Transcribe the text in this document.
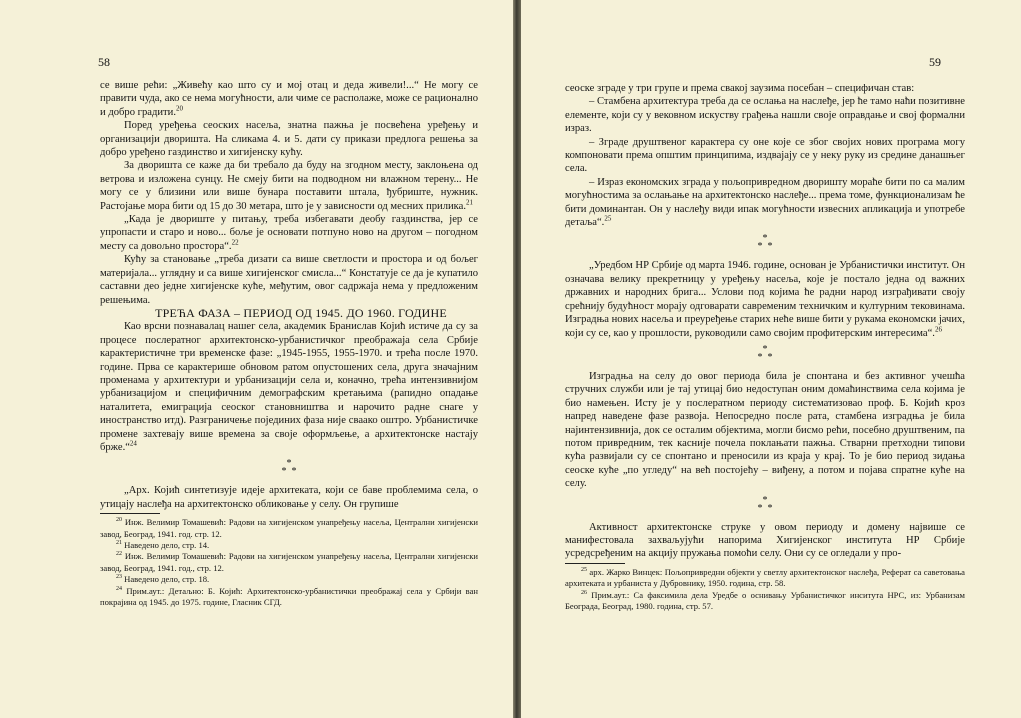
58

се више рећи: „Живећу као што су и мој отац и деда живели!...“ Не могу се правити чуда, ако се нема могућности, али чиме се располаже, може се рационално и добро градити.$^{20}$

Поред уређења сеоских насеља, знатна пажња је посвећена уређењу и организацији дворишта. На сликама 4. и 5. дати су прикази предлога решења за добро уређено газдинство и хигијенску кућу.

За дворишта се каже да би требало да буду на згодном месту, заклоњена од ветрова и изложена сунцу. Не смеју бити на подводном ни влажном терену... Не могу се у близини или више бунара поставити штала, ђубриште, нужник. Растојање мора бити од 15 до 30 метара, што је у зависности од месних прилика.$^{21}$

„Када је двориште у питању, треба избегавати деобу газдинства, јер се упропасти и старо и ново... боље је основати потпуно ново на другом – погодном месту са довољно простора“.$^{22}$

Кућу за становање „треба дизати са више светлости и простора и од бољег материјала... углядну и са више хигијенског смисла...“ Констатује се да је купатило саставни део једне хигијенске куће, међутим, овог садржаја нема у предложеним решењима.

ТРЕЋА ФАЗА – ПЕРИОД ОД 1945. ДО 1960. ГОДИНЕ

Као врсни познавалац нашег села, академик Бранислав Којић истиче да су за процесе послератног архитектонско-урбанистичког преображаја села Србије карактеристичне три временске фазе: „1945-1955, 1955-1970. и трећа после 1970. године. Прва се карактерише обновом ратом опустошених села, друга значајним променама у архитектури и урбанизацији села и, коначно, трећа интензивнијом урбанизацијом и специфичним демографским кретањима (рапидно опадање наталитета, емиграција сеоског становништва и нарочито радне снаге у иностранство итд). Разграничење појединих фаза није сваако оштро. Урбанистичке промене захтевају више времена за своје оформљење, а архитектонске настају брже.“$^{24}$

*
*  *

„Арх. Којић синтетизује идеје архитеката, који се баве проблемима села, о утицају наслеђа на архитектонско обликовање у селу. Он групише

$^{20}$ Инж. Велимир Томашевић: Радови на хигијенском унапређењу насеља, Централни хигијенски завод, Београд, 1941. год. стр. 12.

$^{21}$ Наведено дело, стр. 14.

$^{22}$ Инж. Велимир Томашевић: Радови на хигијенском унапређењу насеља, Централни хигијенски завод, Београд, 1941. год., стр. 12.

$^{23}$ Наведено дело, стр. 18.

$^{24}$ Прим.аут.: Детаљно: Б. Којић: Архитектонско-урбанистички преображај села у Србији ван покрајина од 1945. до 1975. године, Гласник СГД.

59

сеоске зграде у три групе и према свакој заузима посебан – специфичан став:

– Стамбена архитектура треба да се ослања на наслеђе, јер ће тамо наћи позитивне елементе, који су у вековном искуству грађења нашли своје оправдање и свој формални израз.

– Зграде друштвеног карактера су оне које се због својих нових програма могу компоновати према општим принципима, издвајају се у неку руку из средине данашњег села.

– Израз економских зграда у пољопривредном дворишту мораће бити по са малим могућностима за ослањање на архитектонско наслеђе... према томе, функционализам ће бити доминантан. Он у наслеђу види ипак могућности извесних апликација и употребе детаља“.$^{25}$

*
*  *

„Уредбом НР Србије од марта 1946. године, основан је Урбанистички институт. Он означава велику прекретницу у уређењу насеља, које је постало једна од важних државних и народних брига... Услови под којима ће радни народ изграђивати своју срећнију будућност морају одговарати савременим техничким и културним тековинама. Изградња нових насеља и преуређење старих неће више бити у рукама економски јачих, који су се, као у прошлости, руководили само својим профитерским интересима“.$^{26}$

*
*  *

Изградња на селу до овог периода била је спонтана и без активног учешћа стручних служби или је тај утицај био недоступан оним домаћинствима села којима је био намењен. Исту је у послератном периоду систематизовао проф. Б. Којић кроз напред наведене фазе развоја. Непосредно после рата, стамбена изградња је била најинтензивнија, док се осталим објектима, могли бисмо рећи, посебно друштвеним, па потом привредним, тек касније почела поклањати пажња. Стварни претходни типови кућа развијали су се спонтано и преносили из краја у крај. То је био период зидања сеоске куће „по угледу“ на већ постојећу – виђену, а потом и појава спратне куће на селу.

*
*  *

Активност архитектонске струке у овом периоду и домену највише се манифестовала захваљујући напорима Хигијенског института НР Србије усредсређеним на акцију пружања помоћи селу. Они су се огледали у про-

$^{25}$ арх. Жарко Винцек: Пољопривредни објекти у светлу архитектонског наслеђа, Реферат са саветовања архитеката и урбаниста у Дубровнику, 1950. година, стр. 58.

$^{26}$ Прим.аут.: Са факсимила дела Уредбе о оснивању Урбанистичког инситута НРС, из: Урбанизам Београда, Београд, 1980. година, стр. 57.
